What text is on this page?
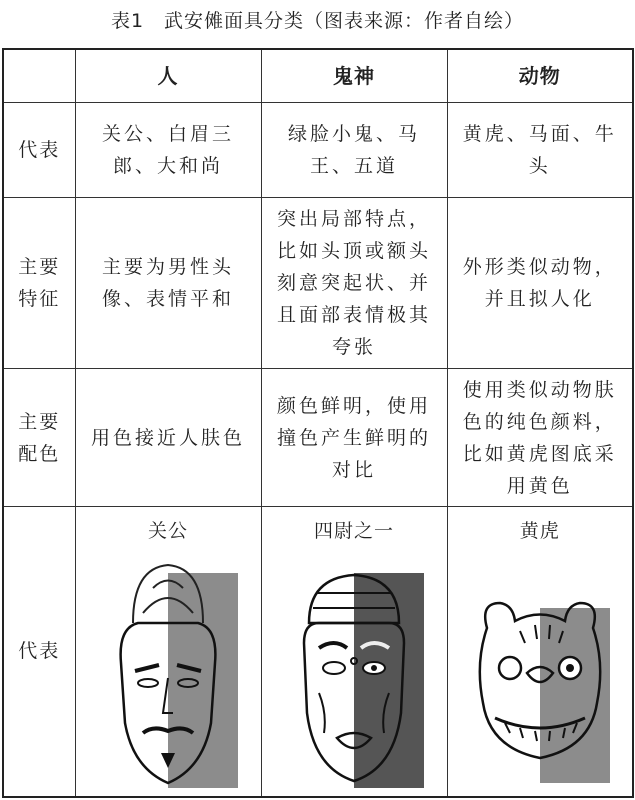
表1　武安傩面具分类（图表来源：作者自绘）
	人	鬼神	动物
代表	关公、白眉三郎、大和尚	绿脸小鬼、马王、五道	黄虎、马面、牛头
主要特征	主要为男性头像、表情平和	突出局部特点，比如头顶或额头刻意突起状、并且面部表情极其夸张	外形类似动物，并且拟人化
主要配色	用色接近人肤色	颜色鲜明，使用撞色产生鲜明的对比	使用类似动物肤色的纯色颜料，比如黄虎图底采用黄色
代表	关公	四尉之一	黄虎
